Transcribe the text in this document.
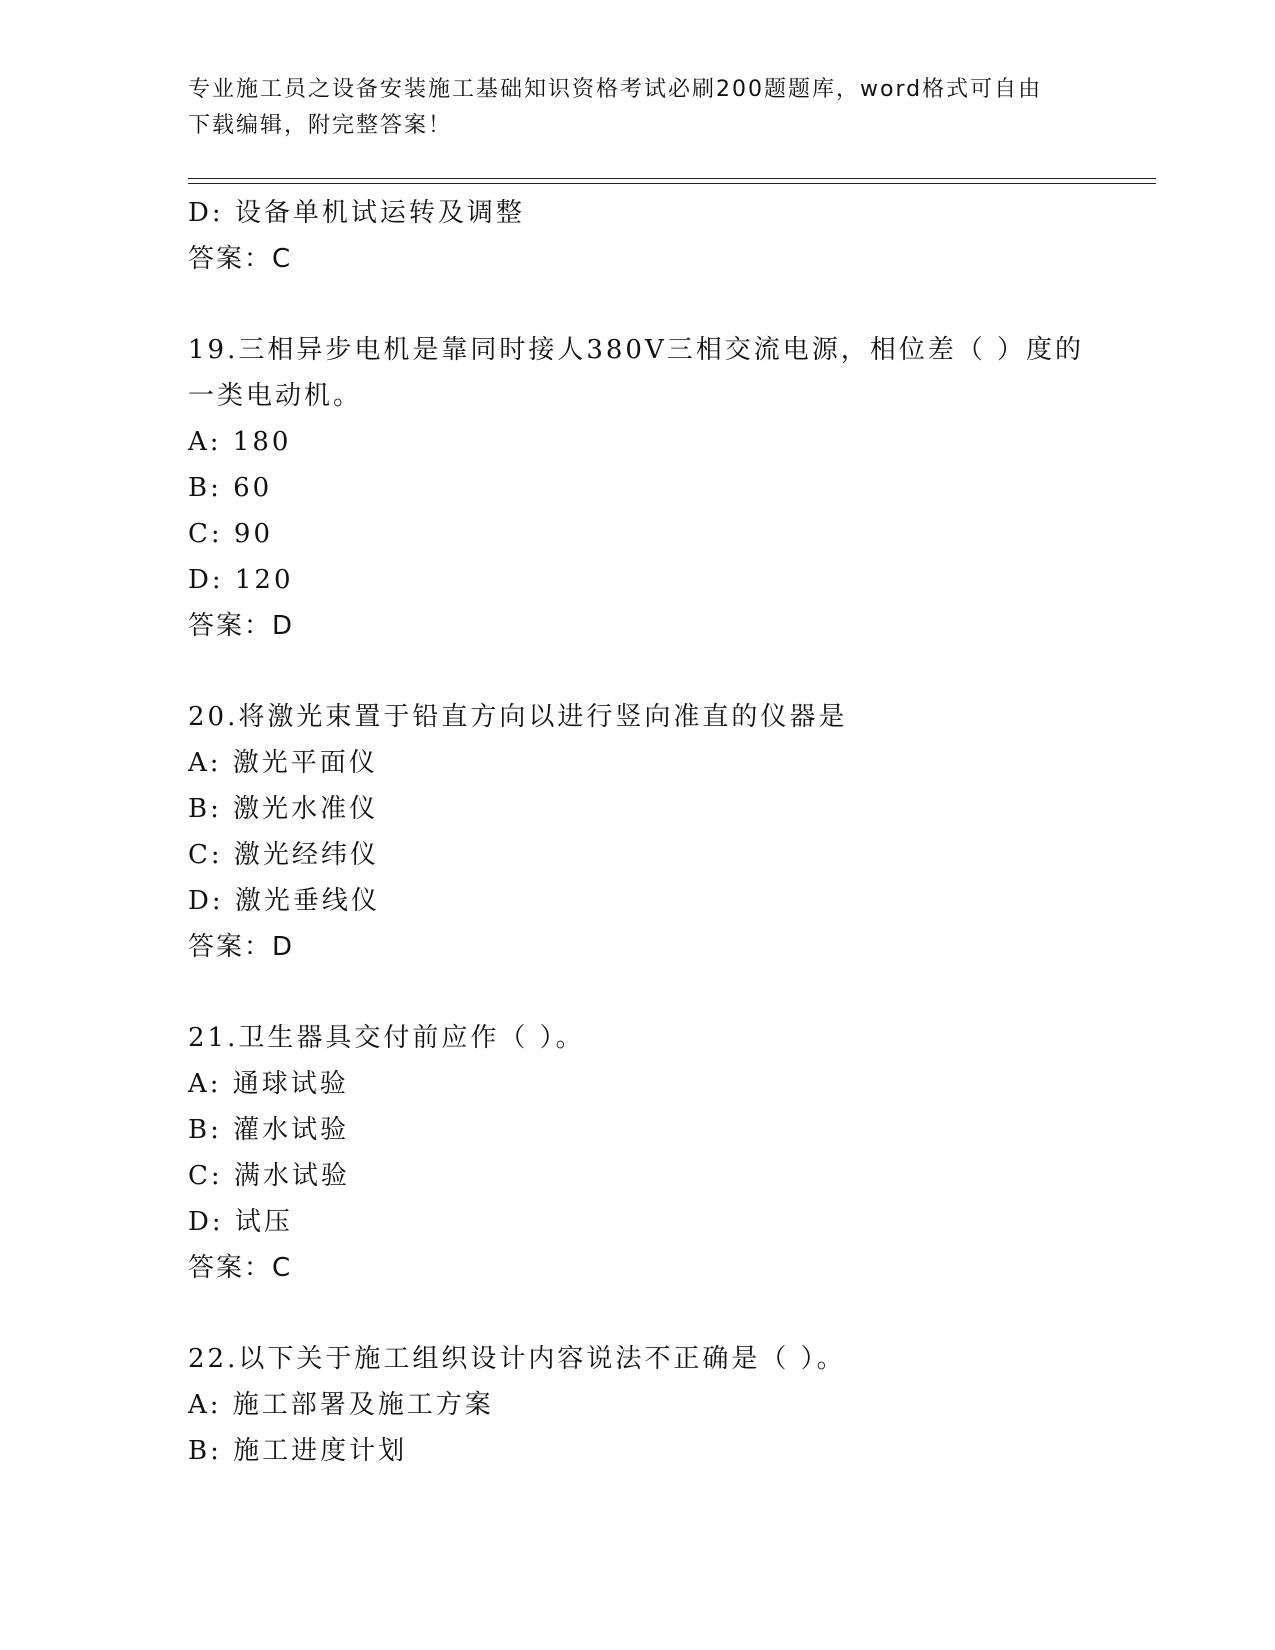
专业施工员之设备安装施工基础知识资格考试必刷200题题库，word格式可自由
下载编辑，附完整答案！
D: 设备单机试运转及调整
答案：C
19.三相异步电机是靠同时接人380V三相交流电源，相位差（ ）度的
一类电动机。
A: 180
B: 60
C: 90
D: 120
答案：D
20.将激光束置于铅直方向以进行竖向准直的仪器是
A: 激光平面仪
B: 激光水准仪
C: 激光经纬仪
D: 激光垂线仪
答案：D
21.卫生器具交付前应作（ ）。
A: 通球试验
B: 灌水试验
C: 满水试验
D: 试压
答案：C
22.以下关于施工组织设计内容说法不正确是（ ）。
A: 施工部署及施工方案
B: 施工进度计划
